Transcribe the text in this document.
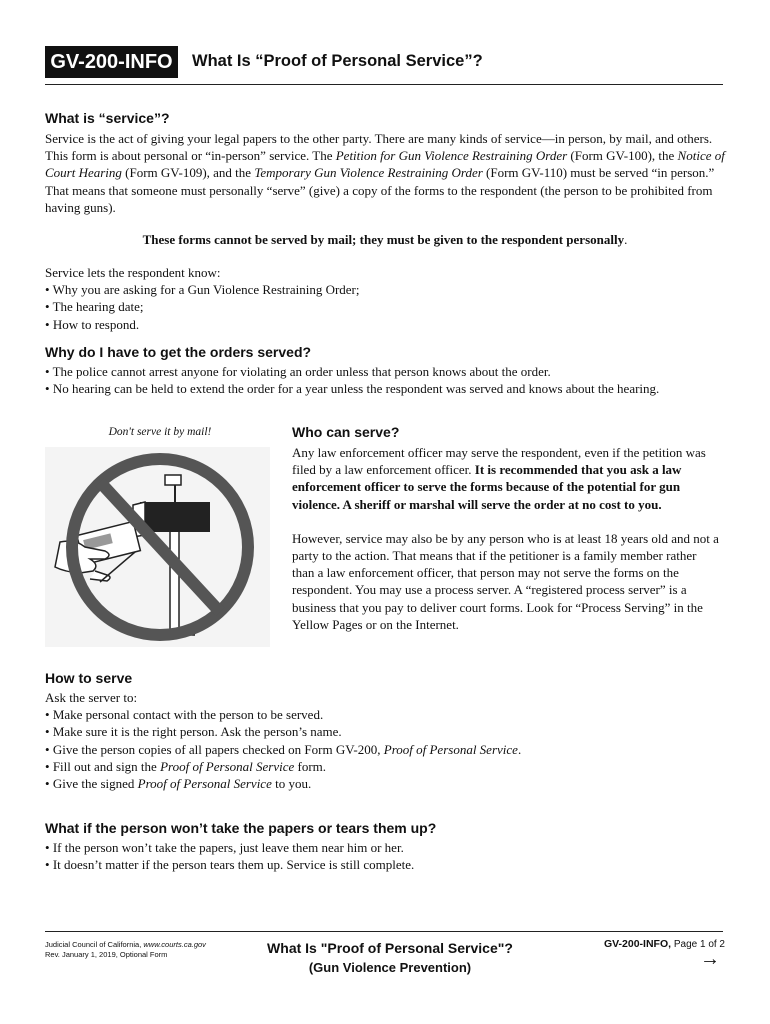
GV-200-INFO	What Is “Proof of Personal Service”?
What is “service”?

Service is the act of giving your legal papers to the other party. There are many kinds of service—in person, by mail, and others. This form is about personal or “in-person” service. The Petition for Gun Violence Restraining Order (Form GV-100), the Notice of Court Hearing (Form GV-109), and the Temporary Gun Violence Restraining Order (Form GV-110) must be served “in person.” That means that someone must personally “serve” (give) a copy of the forms to the respondent (the person to be prohibited from having guns).

These forms cannot be served by mail; they must be given to the respondent personally.

Service lets the respondent know:

• Why you are asking for a Gun Violence Restraining Order;
• The hearing date;
• How to respond.
Why do I have to get the orders served?
• The police cannot arrest anyone for violating an order unless that person knows about the order.
• No hearing can be held to extend the order for a year unless the respondent was served and knows about the hearing.
Don't serve it by mail!	Who can serve?

Any law enforcement officer may serve the respondent, even if the petition was filed by a law enforcement officer. It is recommended that you ask a law enforcement officer to serve the forms because of the potential for gun violence. A sheriff or marshal will serve the order at no cost to you.

However, service may also be by any person who is at least 18 years old and not a party to the action. That means that if the petitioner is a family member rather than a law enforcement officer, that person may not serve the forms on the respondent. You may use a process server. A “registered process server” is a business that you pay to deliver court forms. Look for “Process Serving” in the Yellow Pages or on the Internet.

How to serve

Ask the server to:

• Make personal contact with the person to be served.
• Make sure it is the right person. Ask the person’s name.
• Give the person copies of all papers checked on Form GV-200, Proof of Personal Service.
• Fill out and sign the Proof of Personal Service form.
• Give the signed Proof of Personal Service to you.
What if the person won’t take the papers or tears them up?
• If the person won’t take the papers, just leave them near him or her.
• It doesn’t matter if the person tears them up. Service is still complete.
Judicial Council of California, www.courts.ca.gov
Rev. January 1, 2019, Optional Form	What Is "Proof of Personal Service"?
(Gun Violence Prevention)
GV-200-INFO, Page 1 of 2
→
